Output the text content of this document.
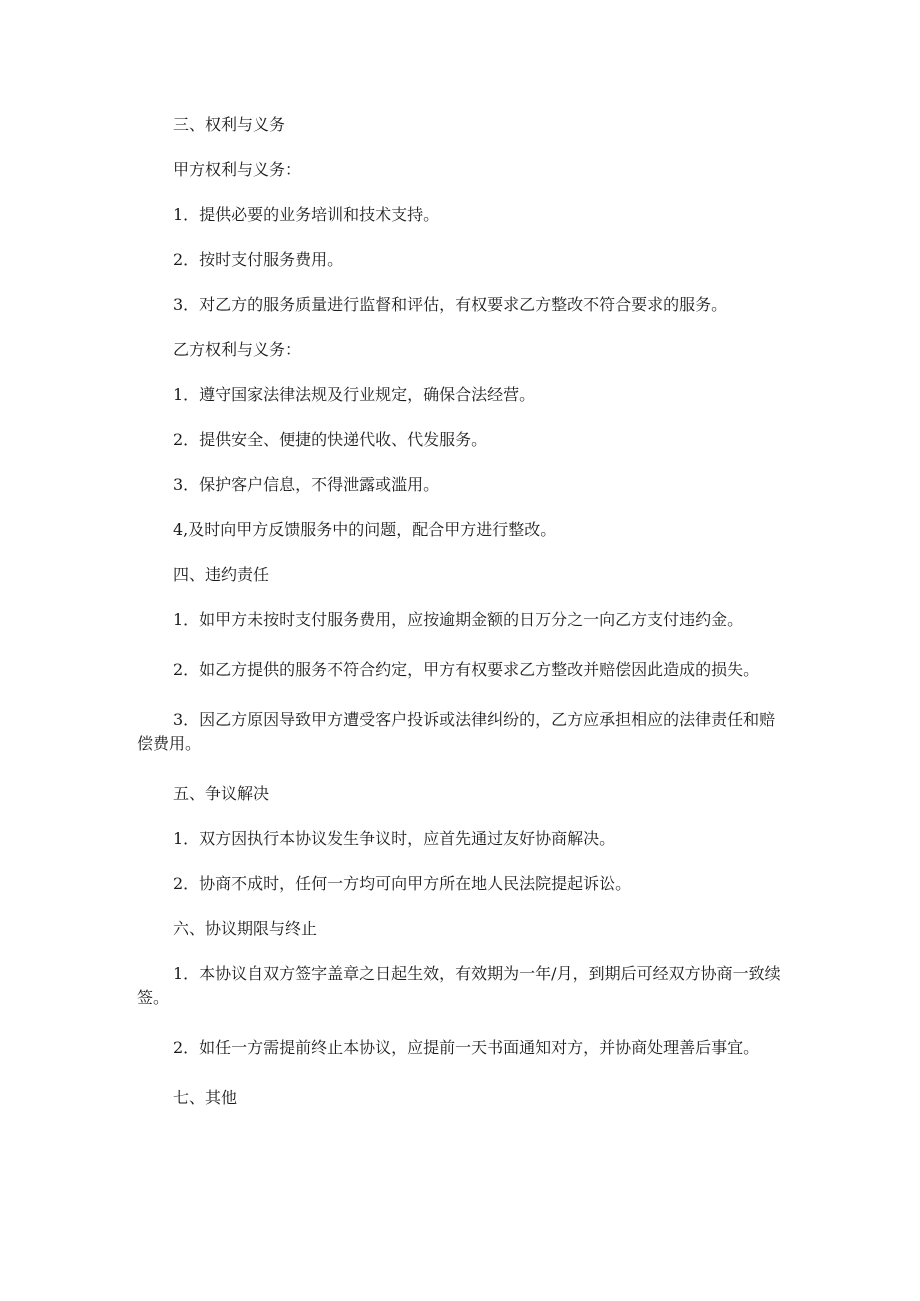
三、权利与义务

甲方权利与义务：

1．提供必要的业务培训和技术支持。

2．按时支付服务费用。

3．对乙方的服务质量进行监督和评估，有权要求乙方整改不符合要求的服务。

乙方权利与义务：

1．遵守国家法律法规及行业规定，确保合法经营。

2．提供安全、便捷的快递代收、代发服务。

3．保护客户信息，不得泄露或滥用。

4,及时向甲方反馈服务中的问题，配合甲方进行整改。

四、违约责任

1．如甲方未按时支付服务费用，应按逾期金额的日万分之一向乙方支付违约金。

2．如乙方提供的服务不符合约定，甲方有权要求乙方整改并赔偿因此造成的损失。

3．因乙方原因导致甲方遭受客户投诉或法律纠纷的，乙方应承担相应的法律责任和赔偿费用。

五、争议解决

1．双方因执行本协议发生争议时，应首先通过友好协商解决。

2．协商不成时，任何一方均可向甲方所在地人民法院提起诉讼。

六、协议期限与终止

1．本协议自双方签字盖章之日起生效，有效期为一年/月，到期后可经双方协商一致续签。

2．如任一方需提前终止本协议，应提前一天书面通知对方，并协商处理善后事宜。

七、其他
